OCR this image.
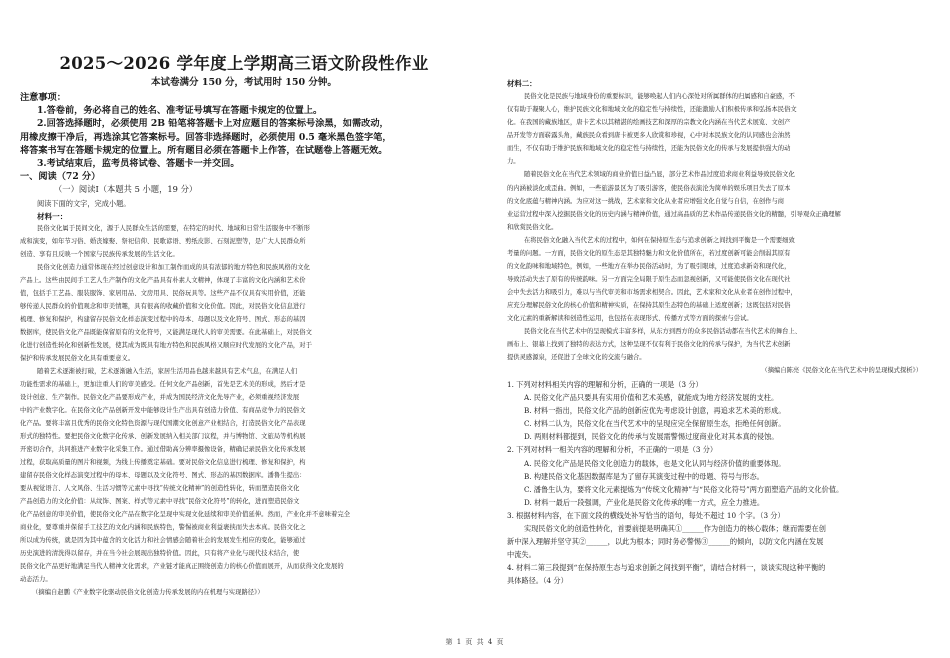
2025～2026 学年度上学期高三语文阶段性作业
本试卷满分 150 分，考试用时 150 分钟。
注意事项：
1.答卷前，务必将自己的姓名、准考证号填写在答题卡规定的位置上。
2.回答选择题时，必须使用 2B 铅笔将答题卡上对应题目的答案标号涂黑，如需改动，
用橡皮擦干净后，再选涂其它答案标号。回答非选择题时，必须使用 0.5 毫米黑色签字笔，
将答案书写在答题卡规定的位置上。所有题目必须在答题卡上作答，在试题卷上答题无效。
3.考试结束后，监考员将试卷、答题卡一并交回。
一、阅读（72 分）
（一）阅读Ⅰ（本题共 5 小题，19 分）
阅读下面的文字，完成小题。
材料一：
民俗文化属于民间文化，源于人民群众生活的需要，在特定的时代、地域和日常生活服务中不断形
成和演变，如年节习俗、婚丧嫁娶、祭祀信仰、民歌谚语、剪纸皮影、石刻泥塑等，是广大人民群众所
创造、享有且反映一个国家与民族传承发展的生活文化。
民俗文化创造力通常体现在经过创意设计和加工制作而成的具有浓郁的地方特色和民族风格的文化
产品上。这些由民间手工艺人生产制作的文化产品具有朴素人文精神，体现了丰富的文化内涵和艺术价
值，包括手工艺品、服装服饰、家居用品、文房用具、民俗玩具等。这些产品不仅具有实用价值，还能
够传递人民群众的价值观念和审美情趣，具有很高的收藏价值和文化价值。因此，对民俗文化信息进行
梳理、修复和保护，构建留存民俗文化样态演变过程中的母本、母题以及文化符号、图式、形态的基因
数据库，使民俗文化产品既能保留原有的文化符号，又能满足现代人的审美需要。在此基础上，对民俗文
化进行创造性转化和创新性发展，使其成为既具有地方特色和民族风格又顺应时代发展的文化产品，对于
保护和传承发展民俗文化具有重要意义。
随着艺术逐渐被打破，艺术逐渐融入生活，家居生活用品也越来越具有艺术气息，在满足人们
功能性需求的基础上，更加注重人们的审美感受。任何文化产品创新，首先是艺术美的形成，然后才是
设计创意、生产制作。民俗文化产品要形成产业，并成为国民经济文化先导产业，必须重视经济发展
中的产业数字化。在民俗文化产品创新开发中能够设计生产出具有创造力价值、有商品竞争力的民俗文
化产品。要将丰富且优秀的民俗文化特色资源与现代国潮文化创意产业相结合，打造民俗文化产品表现
形式的独特性。要把民俗文化数字化传承、创新发展纳入相关部门议程，并与博物馆、文旅局等机构展
开密切合作，共同推进产业数字化采集工作。通过借助高分辨率摄像设备，精确记录民俗文化传承发展
过程，获取高质量的图片和视频，为线上传播奠定基础。要对民俗文化信息进行梳理、修复和保护，构
建留存民俗文化样态演变过程中的母本、母题以及文化符号、图式、形态的基因数据库。潘鲁生提出：
要从视觉语言、人文风俗、生活习惯等元素中寻找“传统文化精神”的创造性转化，转而塑造民俗文化
产品创造力的文化价值：从纹饰、图案、样式等元素中寻找“民俗文化符号”的转化，进而塑造民俗文
化产品创意的审美价值，使民俗文化产品在数字化呈现中实现文化延续和审美价值延伸。然而，产业化并不意味着完全
商业化，要尊重并保留手工技艺的文化内涵和民族特色，警惕被商业利益裹挟而失去本真。民俗文化之
所以成为传统，就是因为其中蕴含的文化活力和社会情感会随着社会的发展发生相应的变化，能够通过
历史演进的清洗得以留存，并在当今社会展现出独特价值。因此，只有将产业化与现代技术结合，使
民俗文化产品更好地满足当代人精神文化需求，产业链才能真正围绕创造力的核心价值而展开，从而获得文化发展的
动态活力。
（摘编自赵鹏《产业数字化驱动民俗文化创造力传承发展的内在机理与实现路径》）
材料二：
民俗文化是民族与地域身份的重要标识，能够唤起人们内心深处对所属群体的归属感和自豪感，不
仅有助于凝聚人心，维护民族文化和地域文化的稳定性与持续性，还能激励人们积极传承和弘扬本民俗文
化。在我国的藏族地区，唐卡艺术以其精湛的绘画技艺和深厚的宗教文化内涵在当代艺术展览、文创产
品开发等方面崭露头角，藏族民众看到唐卡被更多人欣赏和珍视，心中对本民族文化的认同感也会油然
而生，不仅有助于维护民族和地域文化的稳定性与持续性，还能为民俗文化的传承与发展提供强大的动
力。
随着民俗文化在当代艺术领域的商业价值日益凸显，部分艺术作品过度追求商业利益导致民俗文化
的内涵被淡化或歪曲。例如，一些旅游景区为了吸引游客，使民俗表演沦为简单的娱乐项目失去了原本
的文化底蕴与精神内涵。为应对这一挑战，艺术家和文化从业者应增强文化自觉与自信，在创作与商
业运营过程中深入挖掘民俗文化的历史内涵与精神价值，通过高品质的艺术作品传递民俗文化的精髓，引导观众正确理解
和欣赏民俗文化。
在将民俗文化融入当代艺术的过程中，如何在保持原生态与追求创新之间找到平衡是一个需要细致
考量的问题。一方面，民俗文化的原生态是其独特魅力和文化价值所在，若过度创新可能会削弱其原有
的文化韵味和地域特色，例如，一些地方在举办民俗活动时，为了吸引眼球，过度追求新奇和现代化，
导致活动失去了原有的传统韵味。另一方面完全局限于原生态而忽视创新，又可能使民俗文化在现代社
会中失去活力和吸引力，难以与当代审美和市场需求相契合。因此，艺术家和文化从业者在创作过程中，
应充分理解民俗文化的核心价值和精神实质，在保持其原生态特色的基础上适度创新；这既包括对民俗
文化元素的重新解读和创造性运用，也包括在表现形式、传播方式等方面的探索与尝试。
民俗文化在当代艺术中的呈现模式丰富多样，从东方到西方的众多民俗活动都在当代艺术的舞台上、
画布上、银幕上找到了独特的表达方式，这种呈现不仅有利于民俗文化的传承与保护，为当代艺术创新
提供灵感源泉，还促进了全球文化的交流与融合。
（摘编自陈亮《民俗文化在当代艺术中的呈现模式探析》）
1. 下列对材料相关内容的理解和分析，正确的一项是（3 分）
A. 民俗文化产品只要具有实用价值和艺术美感，就能成为地方经济发展的支柱。
B. 材料一指出，民俗文化产品的创新应优先考虑设计创意，再追求艺术美的形成。
C. 材料二认为，民俗文化在当代艺术中的呈现应完全保留原生态，拒绝任何创新。
D. 两则材料都提到，民俗文化的传承与发展需警惕过度商业化对其本真的侵蚀。
2. 下列对材料一相关内容的理解和分析，不正确的一项是（3 分）
A. 民俗文化产品是民俗文化创造力的载体，也是文化认同与经济价值的重要体现。
B. 构建民俗文化基因数据库是为了留存其演变过程中的母题、符号与形态。
C. 潘鲁生认为，要将文化元素提炼为“传统文化精神”与“民俗文化符号”两方面塑造产品的文化价值。
D. 材料一最后一段强调，产业化是民俗文化传承的唯一方式，应全力推进。
3. 根据材料内容，在下面文段的横线处补写恰当的语句，每处不超过 10 个字。（3 分）
实现民俗文化的创造性转化，首要前提是明确其①______作为创造力的核心载体；继而需要在创
新中深入理解并坚守其②______，以此为根本；同时务必警惕③______的倾向，以防文化内涵在发展
中流失。
4. 材料二第三段提到“在保持原生态与追求创新之间找到平衡”，请结合材料一，谈谈实现这种平衡的
具体路径。（4 分）
第 1 页 共 4 页
